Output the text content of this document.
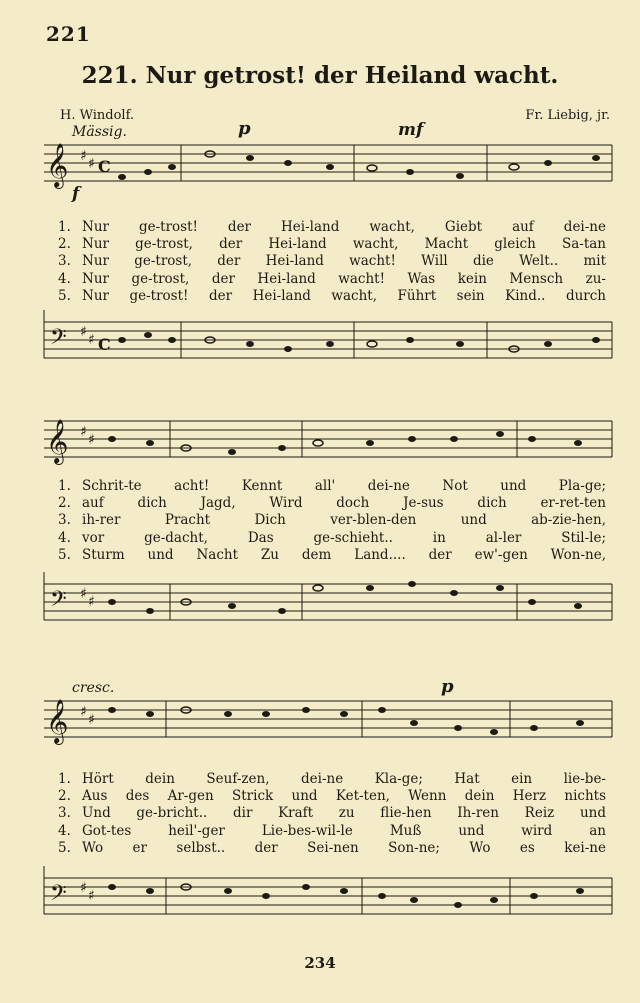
221
221. Nur getrost! der Heiland wacht.
H. Windolf.	Fr. Liebig, jr.
Mässig.	p	mf
f
cresc.	p
𝄞 ♯ ♯ C
1. Nur ge-trost! der Hei-land wacht, Giebt auf dei-ne
2. Nur ge-trost, der Hei-land wacht, Macht gleich Sa-tan
3. Nur ge-trost, der Hei-land wacht! Will die Welt.. mit
4. Nur ge-trost, der Hei-land wacht! Was kein Mensch zu-
5. Nur ge-trost! der Hei-land wacht, Führt sein Kind.. durch
𝄢 ♯ ♯ C
𝄞 ♯ ♯
1. Schrit-te acht! Kennt all' dei-ne Not und Pla-ge;
2. auf dich Jagd, Wird doch Je-sus dich er-ret-ten
3. ih-rer Pracht Dich ver-blen-den und ab-zie-hen,
4. vor ge-dacht, Das ge-schieht.. in al-ler Stil-le;
5. Sturm und Nacht Zu dem Land.... der ew'-gen Won-ne,
𝄢 ♯ ♯
𝄞 ♯ ♯
1. Hört dein Seuf-zen, dei-ne Kla-ge; Hat ein lie-be-
2. Aus des Ar-gen Strick und Ket-ten, Wenn dein Herz nichts
3. Und ge-bricht.. dir Kraft zu flie-hen Ih-ren Reiz und
4. Got-tes heil'-ger Lie-bes-wil-le Muß und wird an
5. Wo er selbst.. der Sei-nen Son-ne; Wo es kei-ne
𝄢 ♯ ♯
234
